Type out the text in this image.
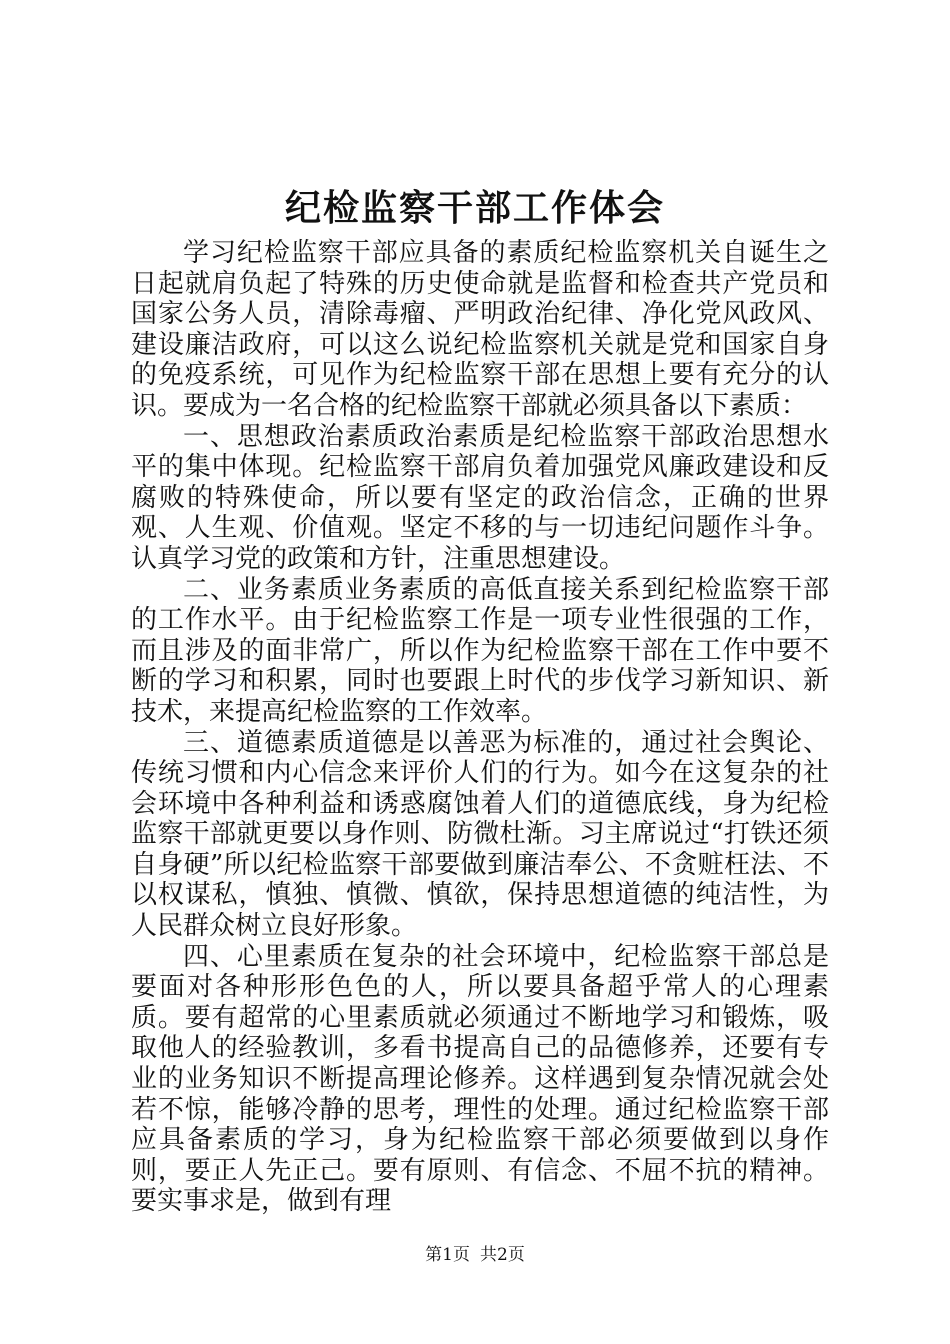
纪检监察干部工作体会

学习纪检监察干部应具备的素质纪检监察机关自诞生之日起就肩负起了特殊的历史使命就是监督和检查共产党员和国家公务人员，清除毒瘤、严明政治纪律、净化党风政风、建设廉洁政府，可以这么说纪检监察机关就是党和国家自身的免疫系统，可见作为纪检监察干部在思想上要有充分的认识。要成为一名合格的纪检监察干部就必须具备以下素质：

一、思想政治素质政治素质是纪检监察干部政治思想水平的集中体现。纪检监察干部肩负着加强党风廉政建设和反腐败的特殊使命，所以要有坚定的政治信念，正确的世界观、人生观、价值观。坚定不移的与一切违纪问题作斗争。认真学习党的政策和方针，注重思想建设。

二、业务素质业务素质的高低直接关系到纪检监察干部的工作水平。由于纪检监察工作是一项专业性很强的工作，而且涉及的面非常广，所以作为纪检监察干部在工作中要不断的学习和积累，同时也要跟上时代的步伐学习新知识、新技术，来提高纪检监察的工作效率。

三、道德素质道德是以善恶为标准的，通过社会舆论、传统习惯和内心信念来评价人们的行为。如今在这复杂的社会环境中各种利益和诱惑腐蚀着人们的道德底线，身为纪检监察干部就更要以身作则、防微杜渐。习主席说过“打铁还须自身硬”所以纪检监察干部要做到廉洁奉公、不贪赃枉法、不以权谋私，慎独、慎微、慎欲，保持思想道德的纯洁性，为人民群众树立良好形象。

四、心里素质在复杂的社会环境中，纪检监察干部总是要面对各种形形色色的人，所以要具备超乎常人的心理素质。要有超常的心里素质就必须通过不断地学习和锻炼，吸取他人的经验教训，多看书提高自己的品德修养，还要有专业的业务知识不断提高理论修养。这样遇到复杂情况就会处若不惊，能够冷静的思考，理性的处理。通过纪检监察干部应具备素质的学习，身为纪检监察干部必须要做到以身作则，要正人先正己。要有原则、有信念、不屈不抗的精神。要实事求是，做到有理

第1页 共2页
